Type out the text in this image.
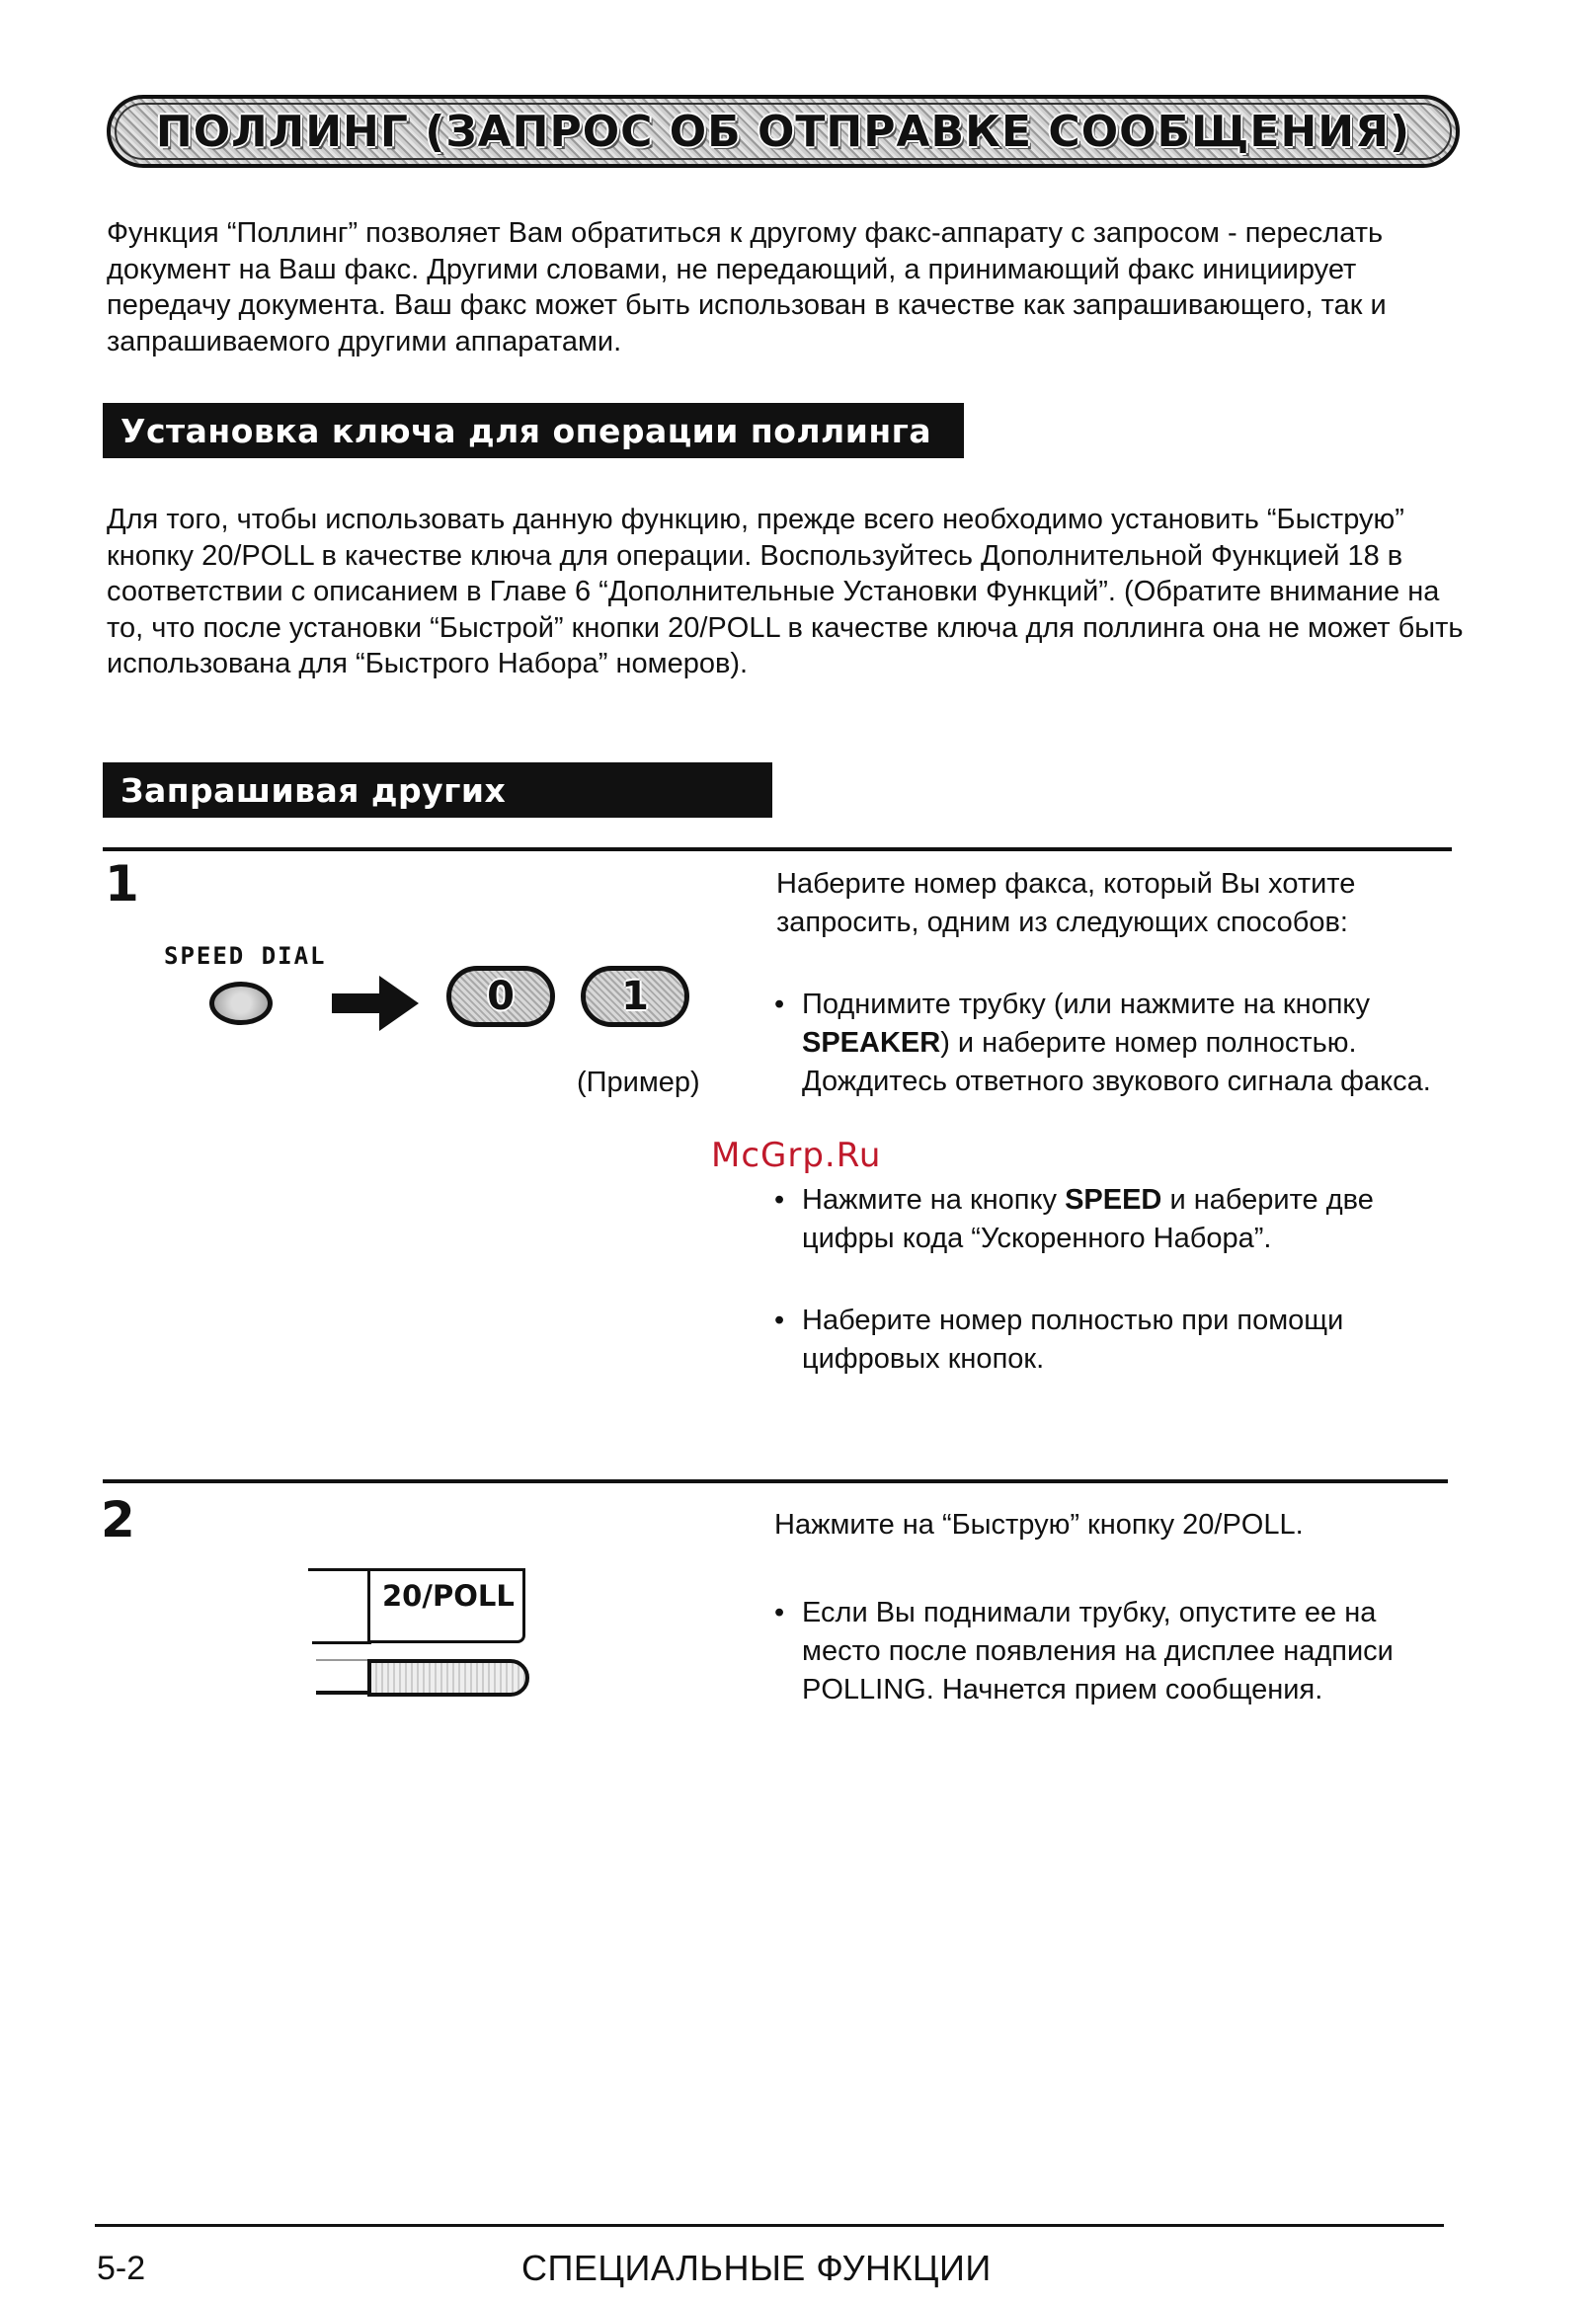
ПОЛЛИНГ (ЗАПРОС ОБ ОТПРАВКЕ СООБЩЕНИЯ)

Функция “Поллинг” позволяет Вам обратиться к другому факс-аппарату с запросом - переслать документ на Ваш факс. Другими словами, не передающий, а принимающий факс инициирует передачу документа. Ваш факс может быть использован в качестве как запрашивающего, так и запрашиваемого другими аппаратами.

Установка ключа для операции поллинга

Для того, чтобы использовать данную функцию, прежде всего необходимо установить “Быструю” кнопку 20/POLL в качестве ключа для операции. Воспользуйтесь Дополнительной Функцией 18 в соответствии с описанием в Главе 6 “Дополнительные Установки Функций”. (Обратите внимание на то, что после установки “Быстрой” кнопки 20/POLL в качестве ключа для поллинга она не может быть использована для “Быстрого Набора” номеров).

Запрашивая других
1
SPEED DIAL
0	1
(Пример)

Наберите номер факса, который Вы хотите запросить, одним из следующих способов:

• Поднимите трубку (или нажмите на кнопку SPEAKER) и наберите номер полностью. Дождитесь ответного звукового сигнала факса.
• Нажмите на кнопку SPEED и наберите две цифры кода “Ускоренного Набора”.
• Наберите номер полностью при помощи цифровых кнопок.
McGrp.Ru
2
20/POLL

Нажмите на “Быструю” кнопку 20/POLL.

• Если Вы поднимали трубку, опустите ее на место после появления на дисплее надписи POLLING. Начнется прием сообщения.
5-2	СПЕЦИАЛЬНЫЕ ФУНКЦИИ
